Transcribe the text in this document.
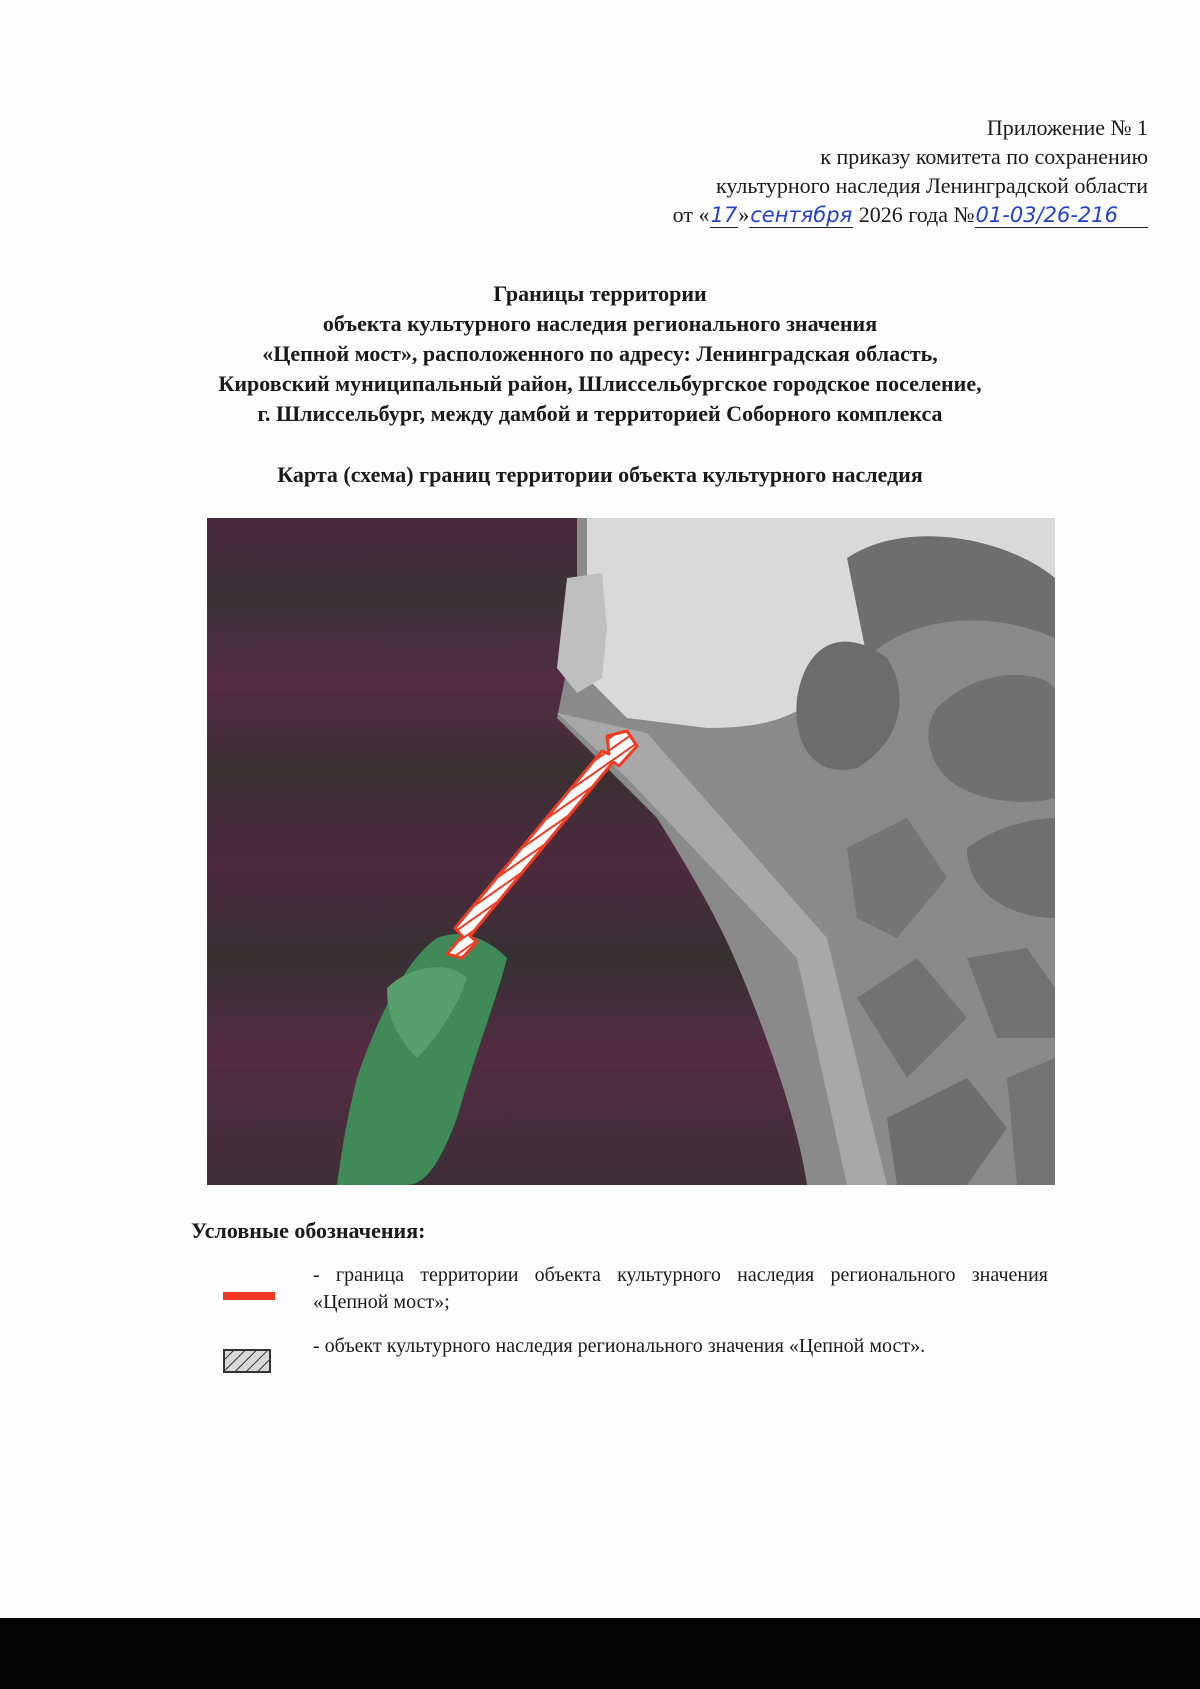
Приложение № 1
к приказу комитета по сохранению
культурного наследия Ленинградской области
от «17»сентября 2026 года №01-03/26-216
Границы территории
объекта культурного наследия регионального значения
«Цепной мост», расположенного по адресу: Ленинградская область,
Кировский муниципальный район, Шлиссельбургское городское поселение,
г. Шлиссельбург, между дамбой и территорией Соборного комплекса
Карта (схема) границ территории объекта культурного наследия
Условные обозначения:
- граница территории объекта культурного наследия регионального значения «Цепной мост»;
- объект культурного наследия регионального значения «Цепной мост».
